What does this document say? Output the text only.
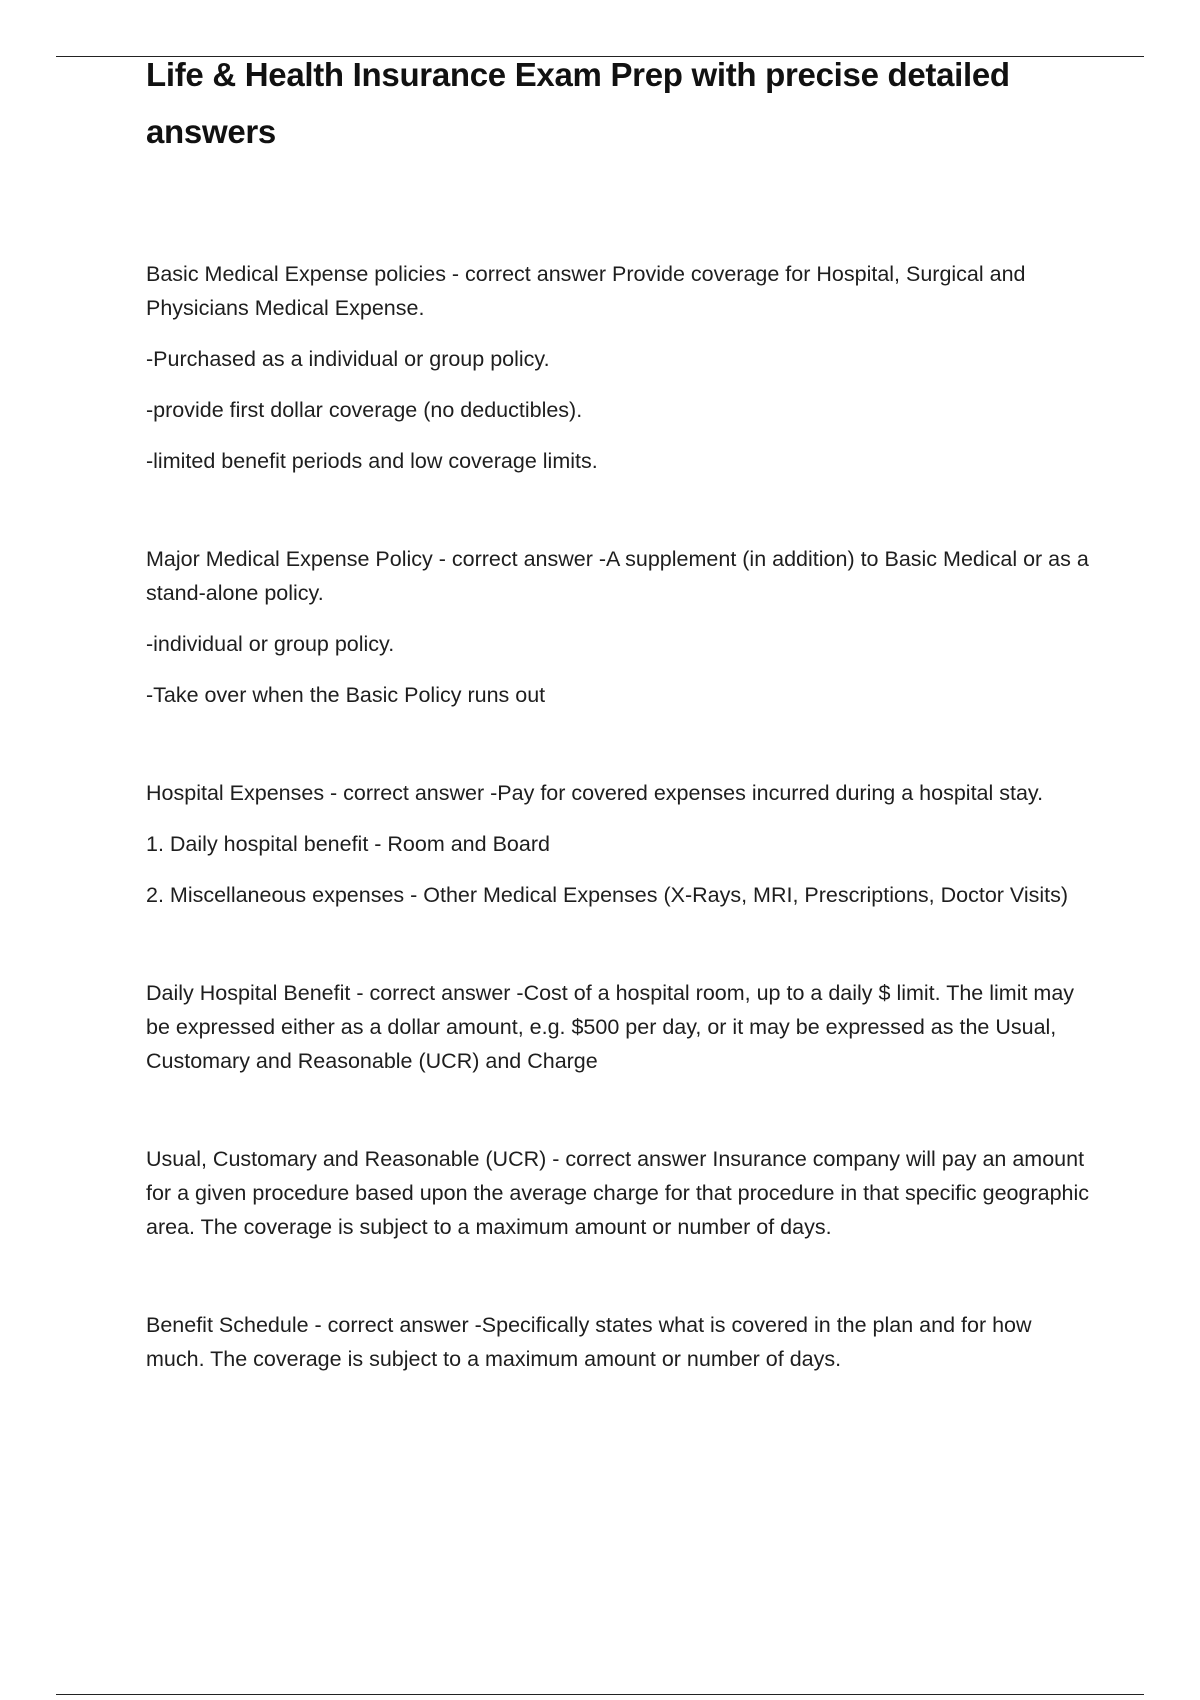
Life & Health Insurance Exam Prep with precise detailed answers

Basic Medical Expense policies - correct answer Provide coverage for Hospital, Surgical and Physicians Medical Expense.

-Purchased as a individual or group policy.

-provide first dollar coverage (no deductibles).

-limited benefit periods and low coverage limits.

Major Medical Expense Policy - correct answer -A supplement (in addition) to Basic Medical or as a stand-alone policy.

-individual or group policy.

-Take over when the Basic Policy runs out

Hospital Expenses - correct answer -Pay for covered expenses incurred during a hospital stay.

1. Daily hospital benefit - Room and Board

2. Miscellaneous expenses - Other Medical Expenses (X-Rays, MRI, Prescriptions, Doctor Visits)

Daily Hospital Benefit - correct answer -Cost of a hospital room, up to a daily $ limit. The limit may be expressed either as a dollar amount, e.g. $500 per day, or it may be expressed as the Usual, Customary and Reasonable (UCR) and Charge

Usual, Customary and Reasonable (UCR) - correct answer Insurance company will pay an amount for a given procedure based upon the average charge for that procedure in that specific geographic area. The coverage is subject to a maximum amount or number of days.

Benefit Schedule - correct answer -Specifically states what is covered in the plan and for how much. The coverage is subject to a maximum amount or number of days.
